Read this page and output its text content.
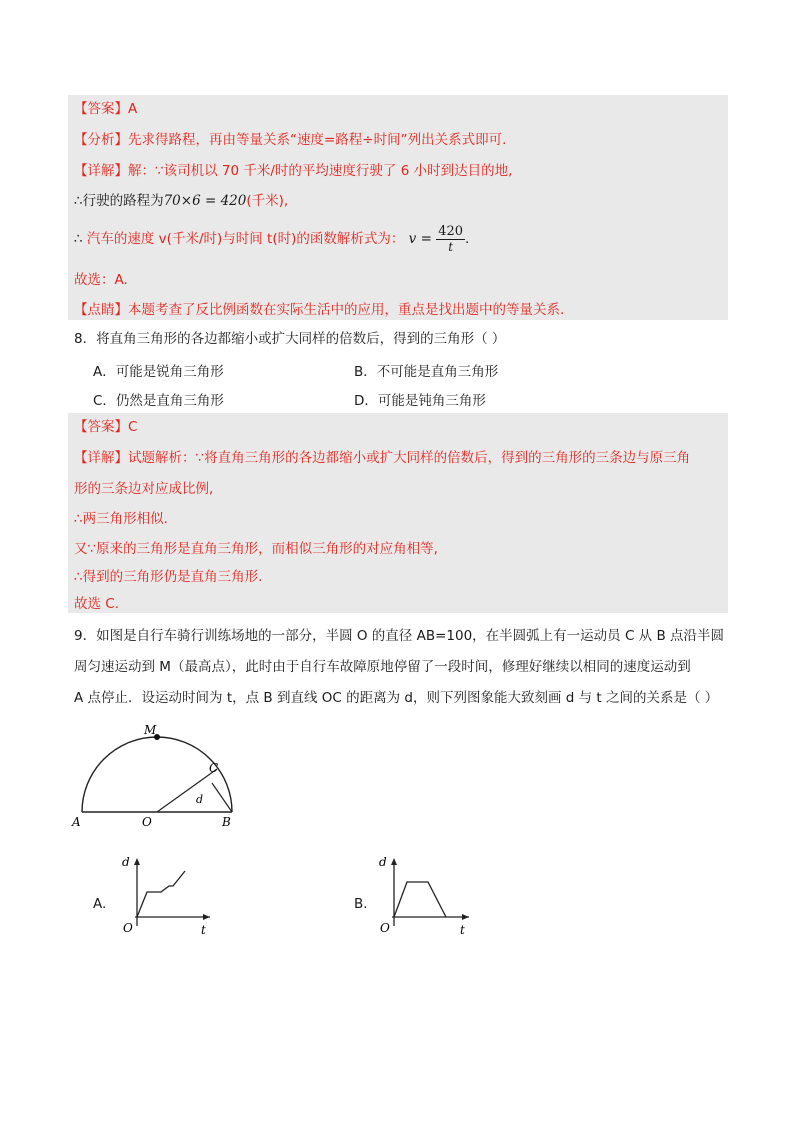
【答案】A
【分析】先求得路程，再由等量关系“速度=路程÷时间”列出关系式即可.
【详解】解：∵该司机以 70 千米/时的平均速度行驶了 6 小时到达目的地,
∴行驶的路程为70×6 = 420(千米),
∴ 汽车的速度 v(千米/时)与时间 t(时)的函数解析式为： $v = \frac{420}{t}$ .
故选：A.
【点睛】本题考查了反比例函数在实际生活中的应用，重点是找出题中的等量关系.
8．将直角三角形的各边都缩小或扩大同样的倍数后，得到的三角形（ ）
A．可能是锐角三角形	B．不可能是直角三角形
C．仍然是直角三角形	D．可能是钝角三角形
【答案】C
【详解】试题解析：∵将直角三角形的各边都缩小或扩大同样的倍数后，得到的三角形的三条边与原三角
形的三条边对应成比例,
∴两三角形相似.
又∵原来的三角形是直角三角形，而相似三角形的对应角相等,
∴得到的三角形仍是直角三角形.
故选 C.
9．如图是自行车骑行训练场地的一部分，半圆 O 的直径 AB=100，在半圆弧上有一运动员 C 从 B 点沿半圆
周匀速运动到 M（最高点），此时由于自行车故障原地停留了一段时间，修理好继续以相同的速度运动到
A 点停止．设运动时间为 t，点 B 到直线 OC 的距离为 d，则下列图象能大致刻画 d 与 t 之间的关系是（ ）
M
C
d
A	O	B
A.
d
O	t
B.
d
O	t
